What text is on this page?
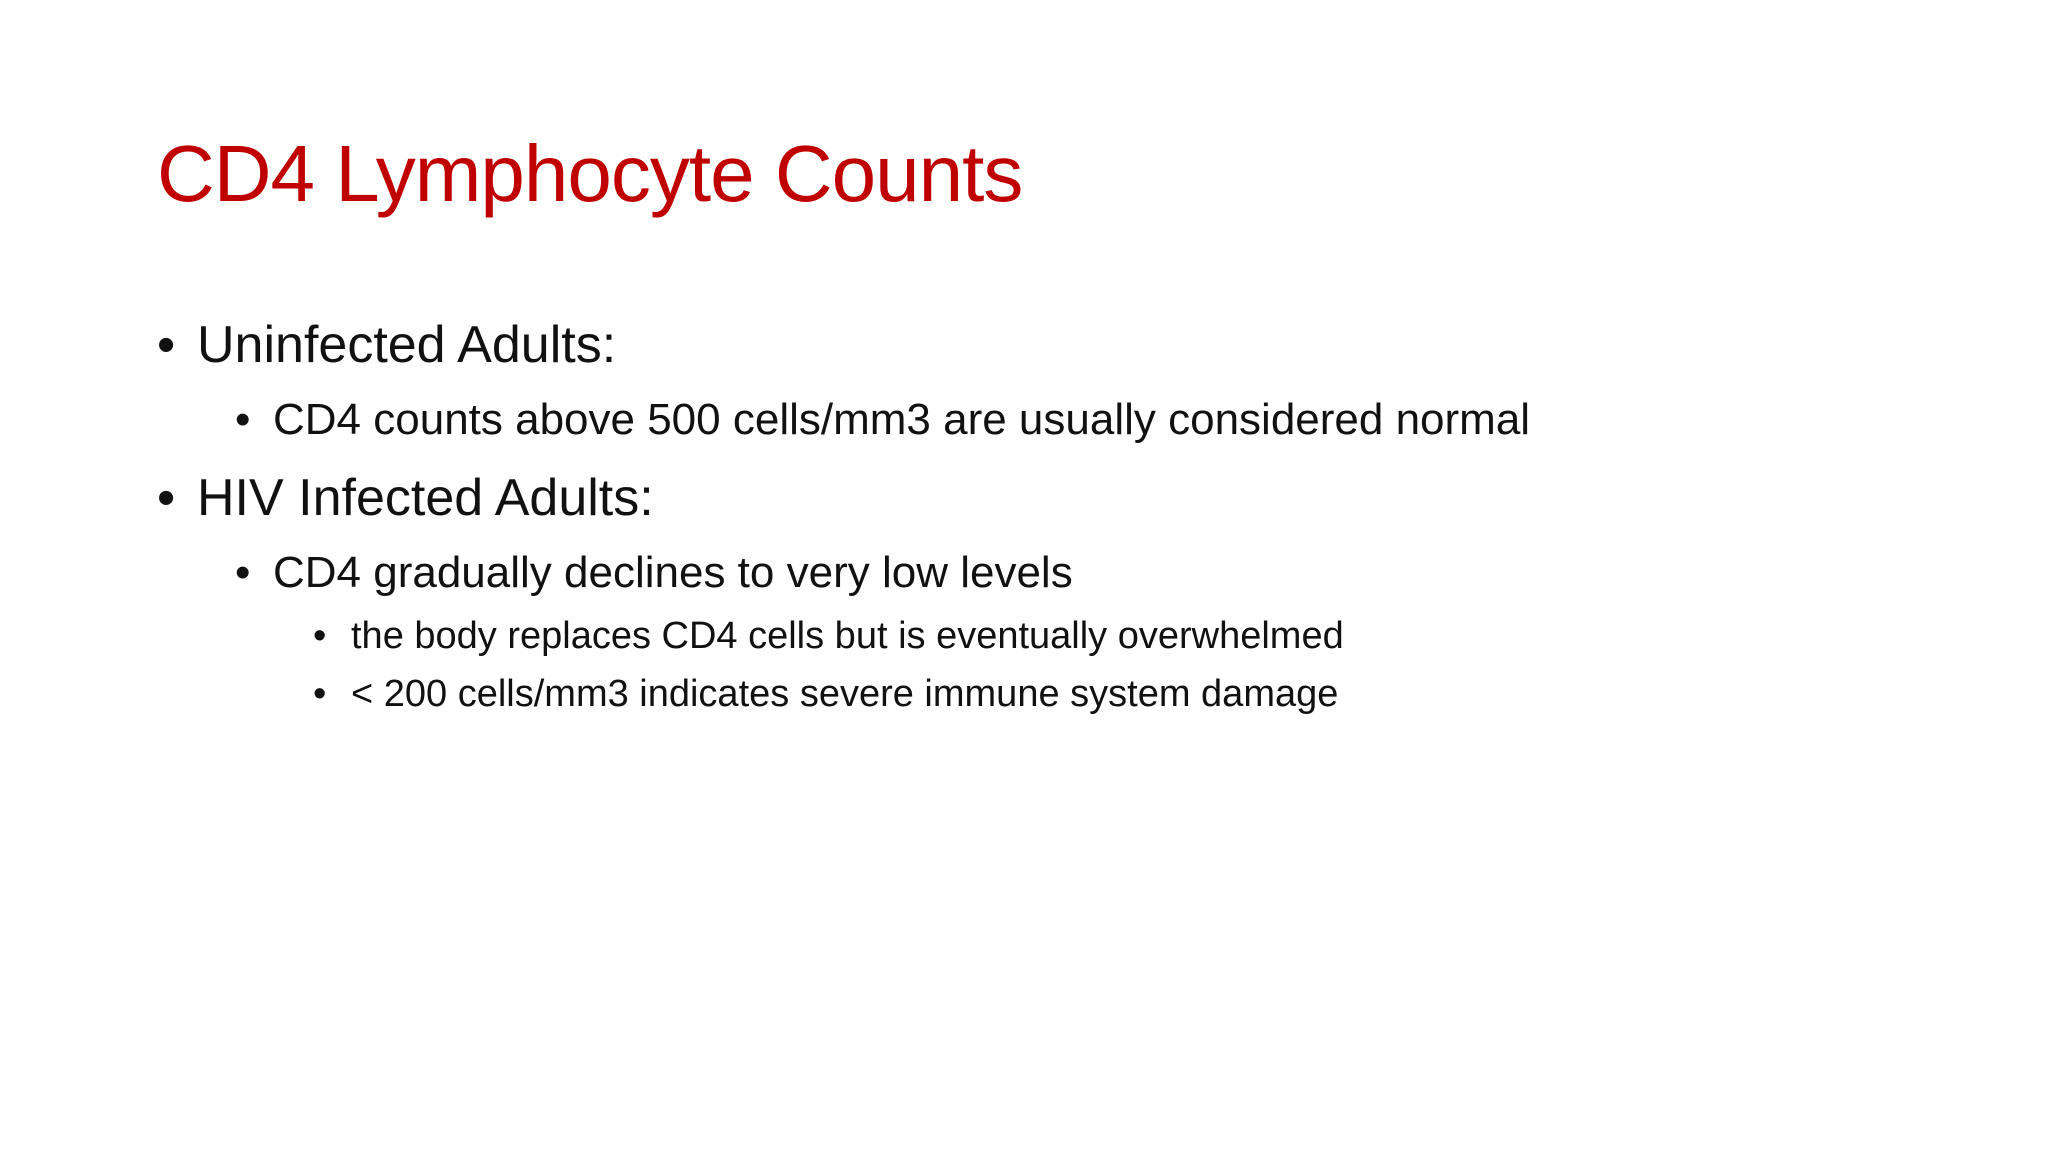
CD4 Lymphocyte Counts
• Uninfected Adults:
• CD4 counts above 500 cells/mm3 are usually considered normal
• HIV Infected Adults:
• CD4 gradually declines to very low levels
• the body replaces CD4 cells but is eventually overwhelmed
• < 200 cells/mm3 indicates severe immune system damage
